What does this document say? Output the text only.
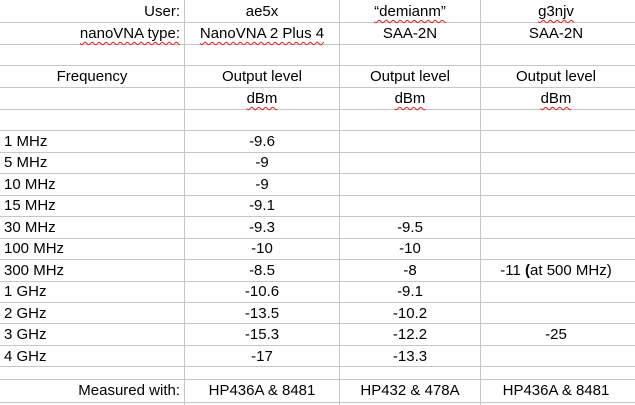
User:	ae5x	“demianm”	g3njv
nanoVNA type:	NanoVNA 2 Plus 4	SAA-2N	SAA-2N
Frequency	Output level	Output level	Output level
dBm	dBm	dBm
1 MHz	-9.6
5 MHz	-9
10 MHz	-9
15 MHz	-9.1
30 MHz	-9.3	-9.5
100 MHz	-10	-10
300 MHz	-8.5	-8	-11 (at 500 MHz)
1 GHz	-10.6	-9.1
2 GHz	-13.5	-10.2
3 GHz	-15.3	-12.2	-25
4 GHz	-17	-13.3
Measured with:	HP436A & 8481	HP432 & 478A	HP436A & 8481
